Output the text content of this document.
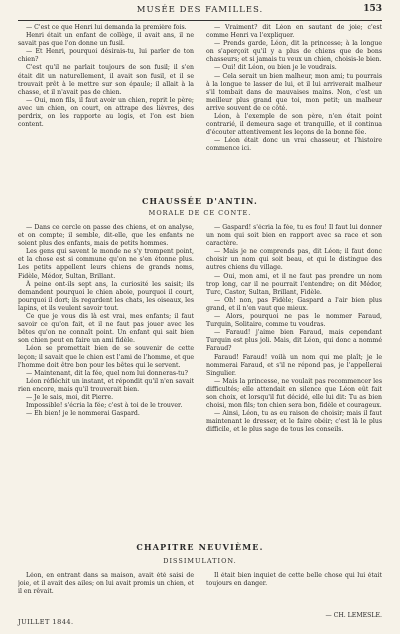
MUSÉE DES FAMILLES.	153

— C'est ce que Henri lui demanda la première fois.

Henri était un enfant de collège, il avait ans, il ne savait pas que l'on donne un fusil.

— Et Henri, pourquoi désirais-tu, lui parler de ton chien?

C'est qu'il ne parlait toujours de son fusil; il s'en était dit un naturellement, il avait son fusil, et il se trouvait prêt à le mettre sur son épaule; il allait à la chasse, et il n'avait pas de chien.

— Oui, mon fils, il faut avoir un chien, reprit le père; avec un chien, on court, on attrape des lièvres, des perdrix, on les rapporte au logis, et l'on est bien content.

— Vraiment? dit Léon en sautant de joie; c'est comme Henri va l'expliquer.

— Prends garde, Léon, dit la princesse; à la longue on s'aperçoit qu'il y a plus de chiens que de bons chasseurs; et si jamais tu veux un chien, choisis-le bien.

— Oui! dit Léon, ou bien je le voudrais.

— Cela serait un bien malheur, mon ami; tu pourrais à la longue te lasser de lui, et il lui arriverait malheur s'il tombait dans de mauvaises mains. Non, c'est un meilleur plus grand que toi, mon petit; un malheur arrive souvent de ce côté.

Léon, à l'exemple de son père, n'en était point contrarié, il demeura sage et tranquille, et il continua d'écouter attentivement les leçons de la bonne fée.

— Léon était donc un vrai chasseur, et l'histoire commence ici.

CHAUSSÉE D'ANTIN.
MORALE DE CE CONTE.

— Dans ce cercle on passe des chiens, et on analyse, et on compte; il semble, dit-elle, que les enfants ne soient plus des enfants, mais de petits hommes.

Les gens qui savent le monde ne s'y trompent point, et la chose est si commune qu'on ne s'en étonne plus. Les petits appellent leurs chiens de grands noms, Fidèle, Médor, Sultan, Brillant.

À peine ont-ils sept ans, la curiosité les saisit; ils demandent pourquoi le chien aboie, pourquoi il court, pourquoi il dort; ils regardent les chats, les oiseaux, les lapins, et ils veulent savoir tout.

Ce que je vous dis là est vrai, mes enfants; il faut savoir ce qu'on fait, et il ne faut pas jouer avec les bêtes qu'on ne connaît point. Un enfant qui sait bien son chien peut en faire un ami fidèle.

Léon se promettait bien de se souvenir de cette leçon; il savait que le chien est l'ami de l'homme, et que l'homme doit être bon pour les bêtes qui le servent.

— Maintenant, dit la fée, quel nom lui donneras-tu?

Léon réfléchit un instant, et répondit qu'il n'en savait rien encore, mais qu'il trouverait bien.

— Je le sais, moi, dit Pierre.

Impossible! s'écria la fée; c'est à toi de le trouver.

— Eh bien! je le nommerai Gaspard.

— Gaspard! s'écria la fée, tu es fou! Il faut lui donner un nom qui soit bien en rapport avec sa race et son caractère.

— Mais je ne comprends pas, dit Léon; il faut donc choisir un nom qui soit beau, et qui le distingue des autres chiens du village.

— Oui, mon ami, et il ne faut pas prendre un nom trop long, car il ne pourrait l'entendre; on dit Médor, Turc, Castor, Sultan, Brillant, Fidèle.

— Oh! non, pas Fidèle; Gaspard a l'air bien plus grand, et il n'en vaut que mieux.

— Alors, pourquoi ne pas le nommer Faraud, Turquin, Solitaire, comme tu voudras.

— Faraud! j'aime bien Faraud, mais cependant Turquin est plus joli. Mais, dit Léon, qui donc a nommé Faraud?

Faraud! Faraud! voilà un nom qui me plaît; je le nommerai Faraud, et s'il ne répond pas, je l'appellerai Singulier.

— Mais la princesse, ne voulait pas recommencer les difficultés; elle attendait en silence que Léon eût fait son choix, et lorsqu'il fut décidé, elle lui dit: Tu as bien choisi, mon fils; ton chien sera bon, fidèle et courageux.

— Ainsi, Léon, tu as eu raison de choisir; mais il faut maintenant le dresser, et le faire obéir; c'est là le plus difficile, et le plus sage de tous les conseils.

CHAPITRE NEUVIÈME.
DISSIMULATION.

Léon, en entrant dans sa maison, avait été saisi de joie, et il avait des ailes; on lui avait promis un chien, et il en rêvait.

Il était bien inquiet de cette belle chose qui lui était toujours en danger.

JUILLET 1844.
— CH. LEMESLE.
